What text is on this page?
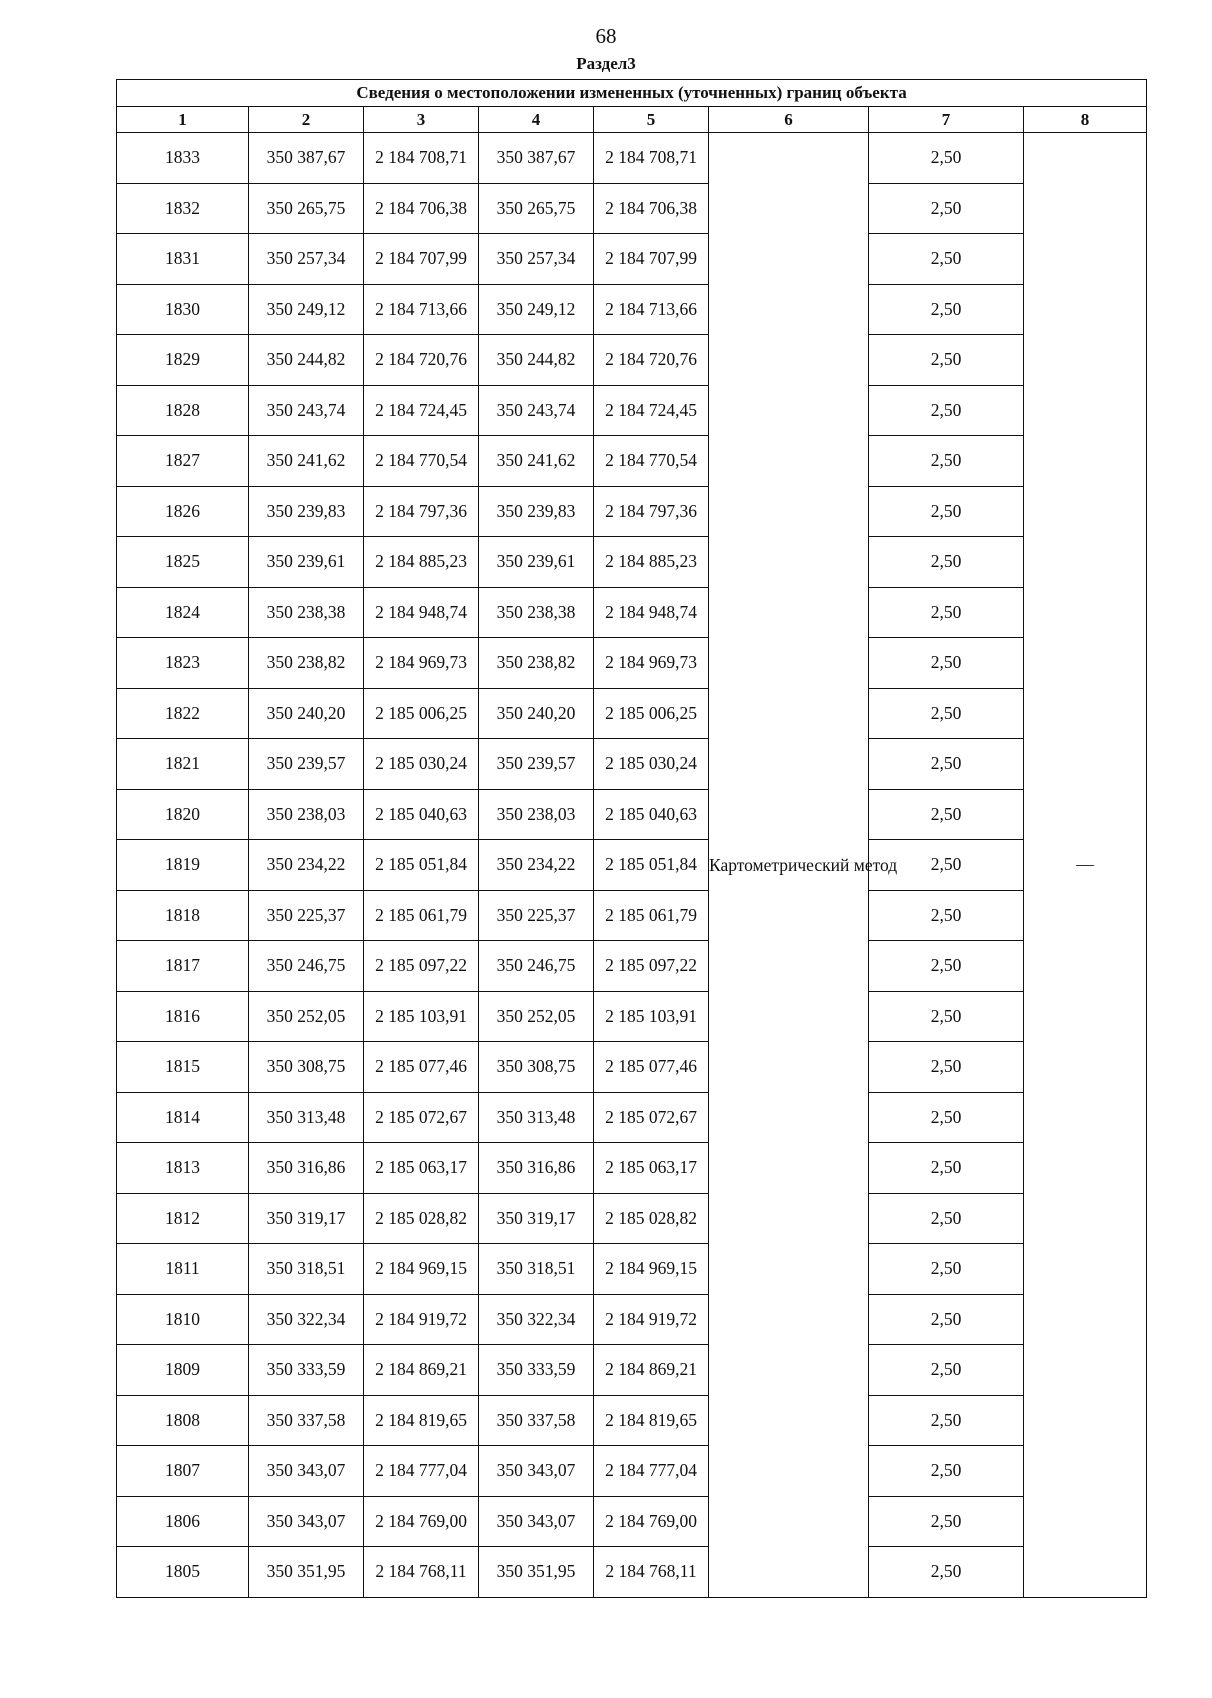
68
Раздел3
Сведения о местоположении измененных (уточненных) границ объекта							
1	2	3	4	5	6	7	8
1833	350 387,67	2 184 708,71	350 387,67	2 184 708,71	Картометрический метод	2,50	—
1832	350 265,75	2 184 706,38	350 265,75	2 184 706,38		2,50	
1831	350 257,34	2 184 707,99	350 257,34	2 184 707,99		2,50	
1830	350 249,12	2 184 713,66	350 249,12	2 184 713,66		2,50	
1829	350 244,82	2 184 720,76	350 244,82	2 184 720,76		2,50	
1828	350 243,74	2 184 724,45	350 243,74	2 184 724,45		2,50	
1827	350 241,62	2 184 770,54	350 241,62	2 184 770,54		2,50	
1826	350 239,83	2 184 797,36	350 239,83	2 184 797,36		2,50	
1825	350 239,61	2 184 885,23	350 239,61	2 184 885,23		2,50	
1824	350 238,38	2 184 948,74	350 238,38	2 184 948,74		2,50	
1823	350 238,82	2 184 969,73	350 238,82	2 184 969,73		2,50	
1822	350 240,20	2 185 006,25	350 240,20	2 185 006,25		2,50	
1821	350 239,57	2 185 030,24	350 239,57	2 185 030,24		2,50	
1820	350 238,03	2 185 040,63	350 238,03	2 185 040,63		2,50	
1819	350 234,22	2 185 051,84	350 234,22	2 185 051,84		2,50	
1818	350 225,37	2 185 061,79	350 225,37	2 185 061,79		2,50	
1817	350 246,75	2 185 097,22	350 246,75	2 185 097,22		2,50	
1816	350 252,05	2 185 103,91	350 252,05	2 185 103,91		2,50	
1815	350 308,75	2 185 077,46	350 308,75	2 185 077,46		2,50	
1814	350 313,48	2 185 072,67	350 313,48	2 185 072,67		2,50	
1813	350 316,86	2 185 063,17	350 316,86	2 185 063,17		2,50	
1812	350 319,17	2 185 028,82	350 319,17	2 185 028,82		2,50	
1811	350 318,51	2 184 969,15	350 318,51	2 184 969,15		2,50	
1810	350 322,34	2 184 919,72	350 322,34	2 184 919,72		2,50	
1809	350 333,59	2 184 869,21	350 333,59	2 184 869,21		2,50	
1808	350 337,58	2 184 819,65	350 337,58	2 184 819,65		2,50	
1807	350 343,07	2 184 777,04	350 343,07	2 184 777,04		2,50	
1806	350 343,07	2 184 769,00	350 343,07	2 184 769,00		2,50	
1805	350 351,95	2 184 768,11	350 351,95	2 184 768,11		2,50	
